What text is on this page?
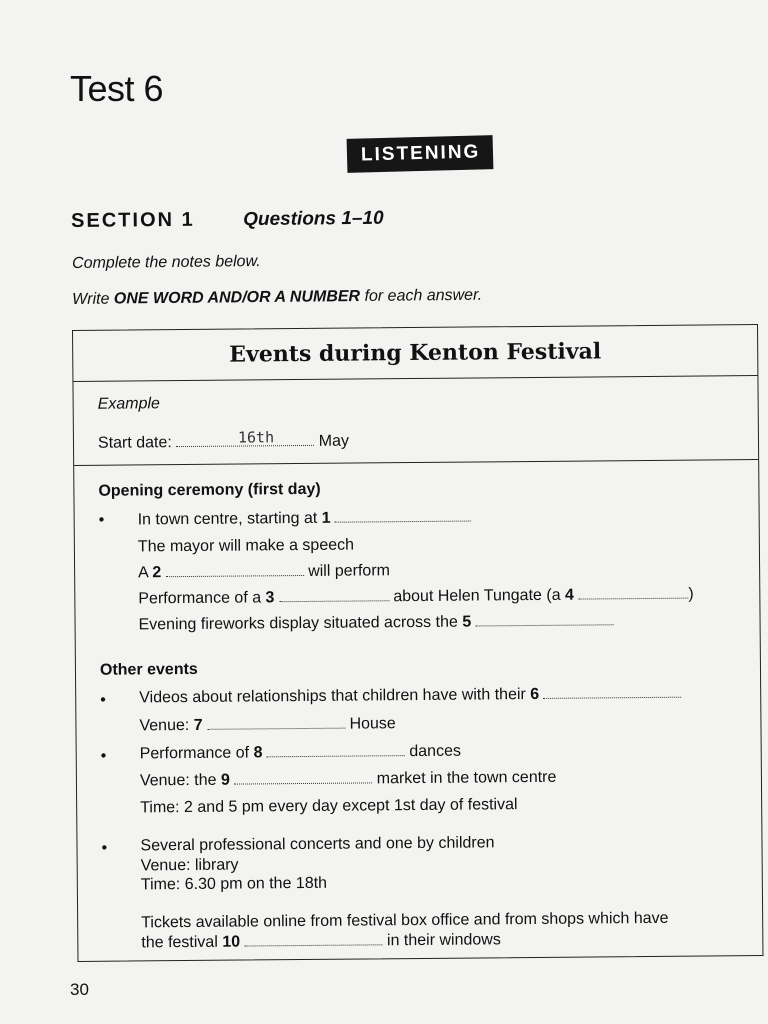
Test 6
LISTENING
SECTION 1	Questions 1–10
Complete the notes below.
Write ONE WORD AND/OR A NUMBER for each answer.
Events during Kenton Festival
Example
Start date:	May
16th
Opening ceremony (first day)
• In town centre, starting at 1
The mayor will make a speech
A 2	will perform
Performance of a 3	about Helen Tungate (a 4	)
Evening fireworks display situated across the 5
Other events
• Videos about relationships that children have with their 6
Venue: 7	House
• Performance of 8	dances
Venue: the 9	market in the town centre
Time: 2 and 5 pm every day except 1st day of festival
• Several professional concerts and one by children
Venue: library
Time: 6.30 pm on the 18th
Tickets available online from festival box office and from shops which have
the festival 10	in their windows
30
